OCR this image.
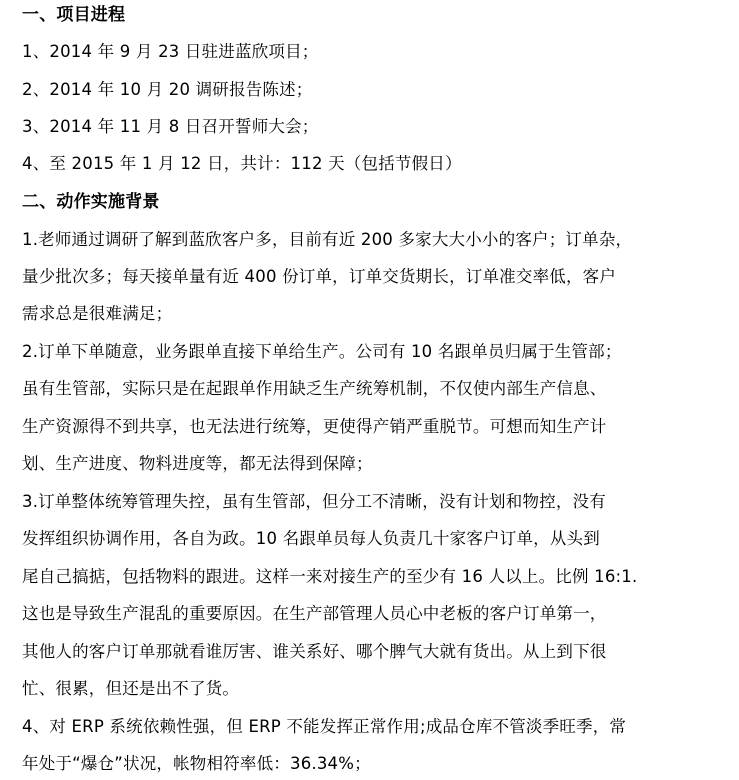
一、项目进程
1、2014 年 9 月 23 日驻进蓝欣项目；
2、2014 年 10 月 20 调研报告陈述；
3、2014 年 11 月 8 日召开誓师大会；
4、至 2015 年 1 月 12 日，共计：112 天（包括节假日）
二、动作实施背景
1.老师通过调研了解到蓝欣客户多，目前有近 200 多家大大小小的客户；订单杂，
量少批次多；每天接单量有近 400 份订单，订单交货期长，订单准交率低，客户
需求总是很难满足；
2.订单下单随意，业务跟单直接下单给生产。公司有 10 名跟单员归属于生管部；
虽有生管部，实际只是在起跟单作用缺乏生产统筹机制，不仅使内部生产信息、
生产资源得不到共享，也无法进行统筹，更使得产销严重脱节。可想而知生产计
划、生产进度、物料进度等，都无法得到保障；
3.订单整体统筹管理失控，虽有生管部，但分工不清晰，没有计划和物控，没有
发挥组织协调作用，各自为政。10 名跟单员每人负责几十家客户订单，从头到
尾自己搞掂，包括物料的跟进。这样一来对接生产的至少有 16 人以上。比例 16:1.
这也是导致生产混乱的重要原因。在生产部管理人员心中老板的客户订单第一，
其他人的客户订单那就看谁厉害、谁关系好、哪个脾气大就有货出。从上到下很
忙、很累，但还是出不了货。
4、对 ERP 系统依赖性强，但 ERP 不能发挥正常作用;成品仓库不管淡季旺季，常
年处于“爆仓”状况，帐物相符率低：36.34%；
